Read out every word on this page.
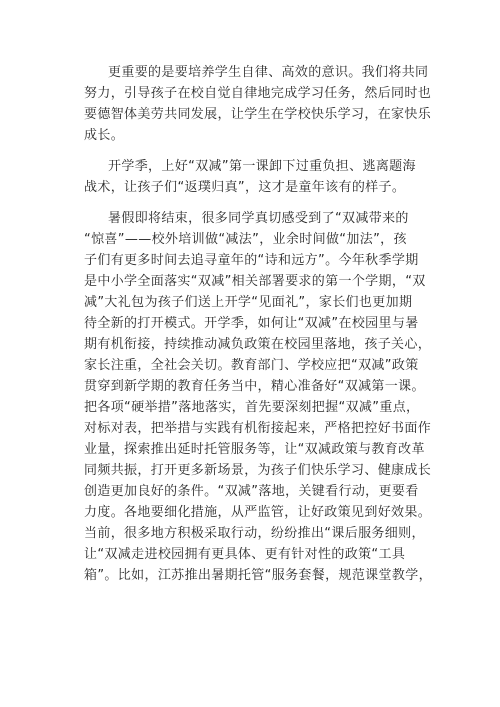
更重要的是要培养学生自律、高效的意识。我们将共同
努力，引导孩子在校自觉自律地完成学习任务，然后同时也
要德智体美劳共同发展，让学生在学校快乐学习，在家快乐
成长。
开学季，上好“双减”第一课卸下过重负担、逃离题海
战术，让孩子们“返璞归真”，这才是童年该有的样子。
暑假即将结束，很多同学真切感受到了“双减带来的
“惊喜”——校外培训做“减法”，业余时间做“加法”，孩
子们有更多时间去追寻童年的“诗和远方”。今年秋季学期
是中小学全面落实“双减”相关部署要求的第一个学期，“双
减”大礼包为孩子们送上开学“见面礼”，家长们也更加期
待全新的打开模式。开学季，如何让“双减”在校园里与暑
期有机衔接，持续推动减负政策在校园里落地，孩子关心，
家长注重，全社会关切。教育部门、学校应把“双减”政策
贯穿到新学期的教育任务当中，精心准备好“双减第一课。
把各项“硬举措”落地落实，首先要深刻把握“双减”重点，
对标对表，把举措与实践有机衔接起来，严格把控好书面作
业量，探索推出延时托管服务等，让“双减政策与教育改革
同频共振，打开更多新场景，为孩子们快乐学习、健康成长
创造更加良好的条件。“双减”落地，关键看行动，更要看
力度。各地要细化措施，从严监管，让好政策见到好效果。
当前，很多地方积极采取行动，纷纷推出“课后服务细则，
让“双减走进校园拥有更具体、更有针对性的政策“工具
箱”。比如，江苏推出暑期托管“服务套餐，规范课堂教学，
